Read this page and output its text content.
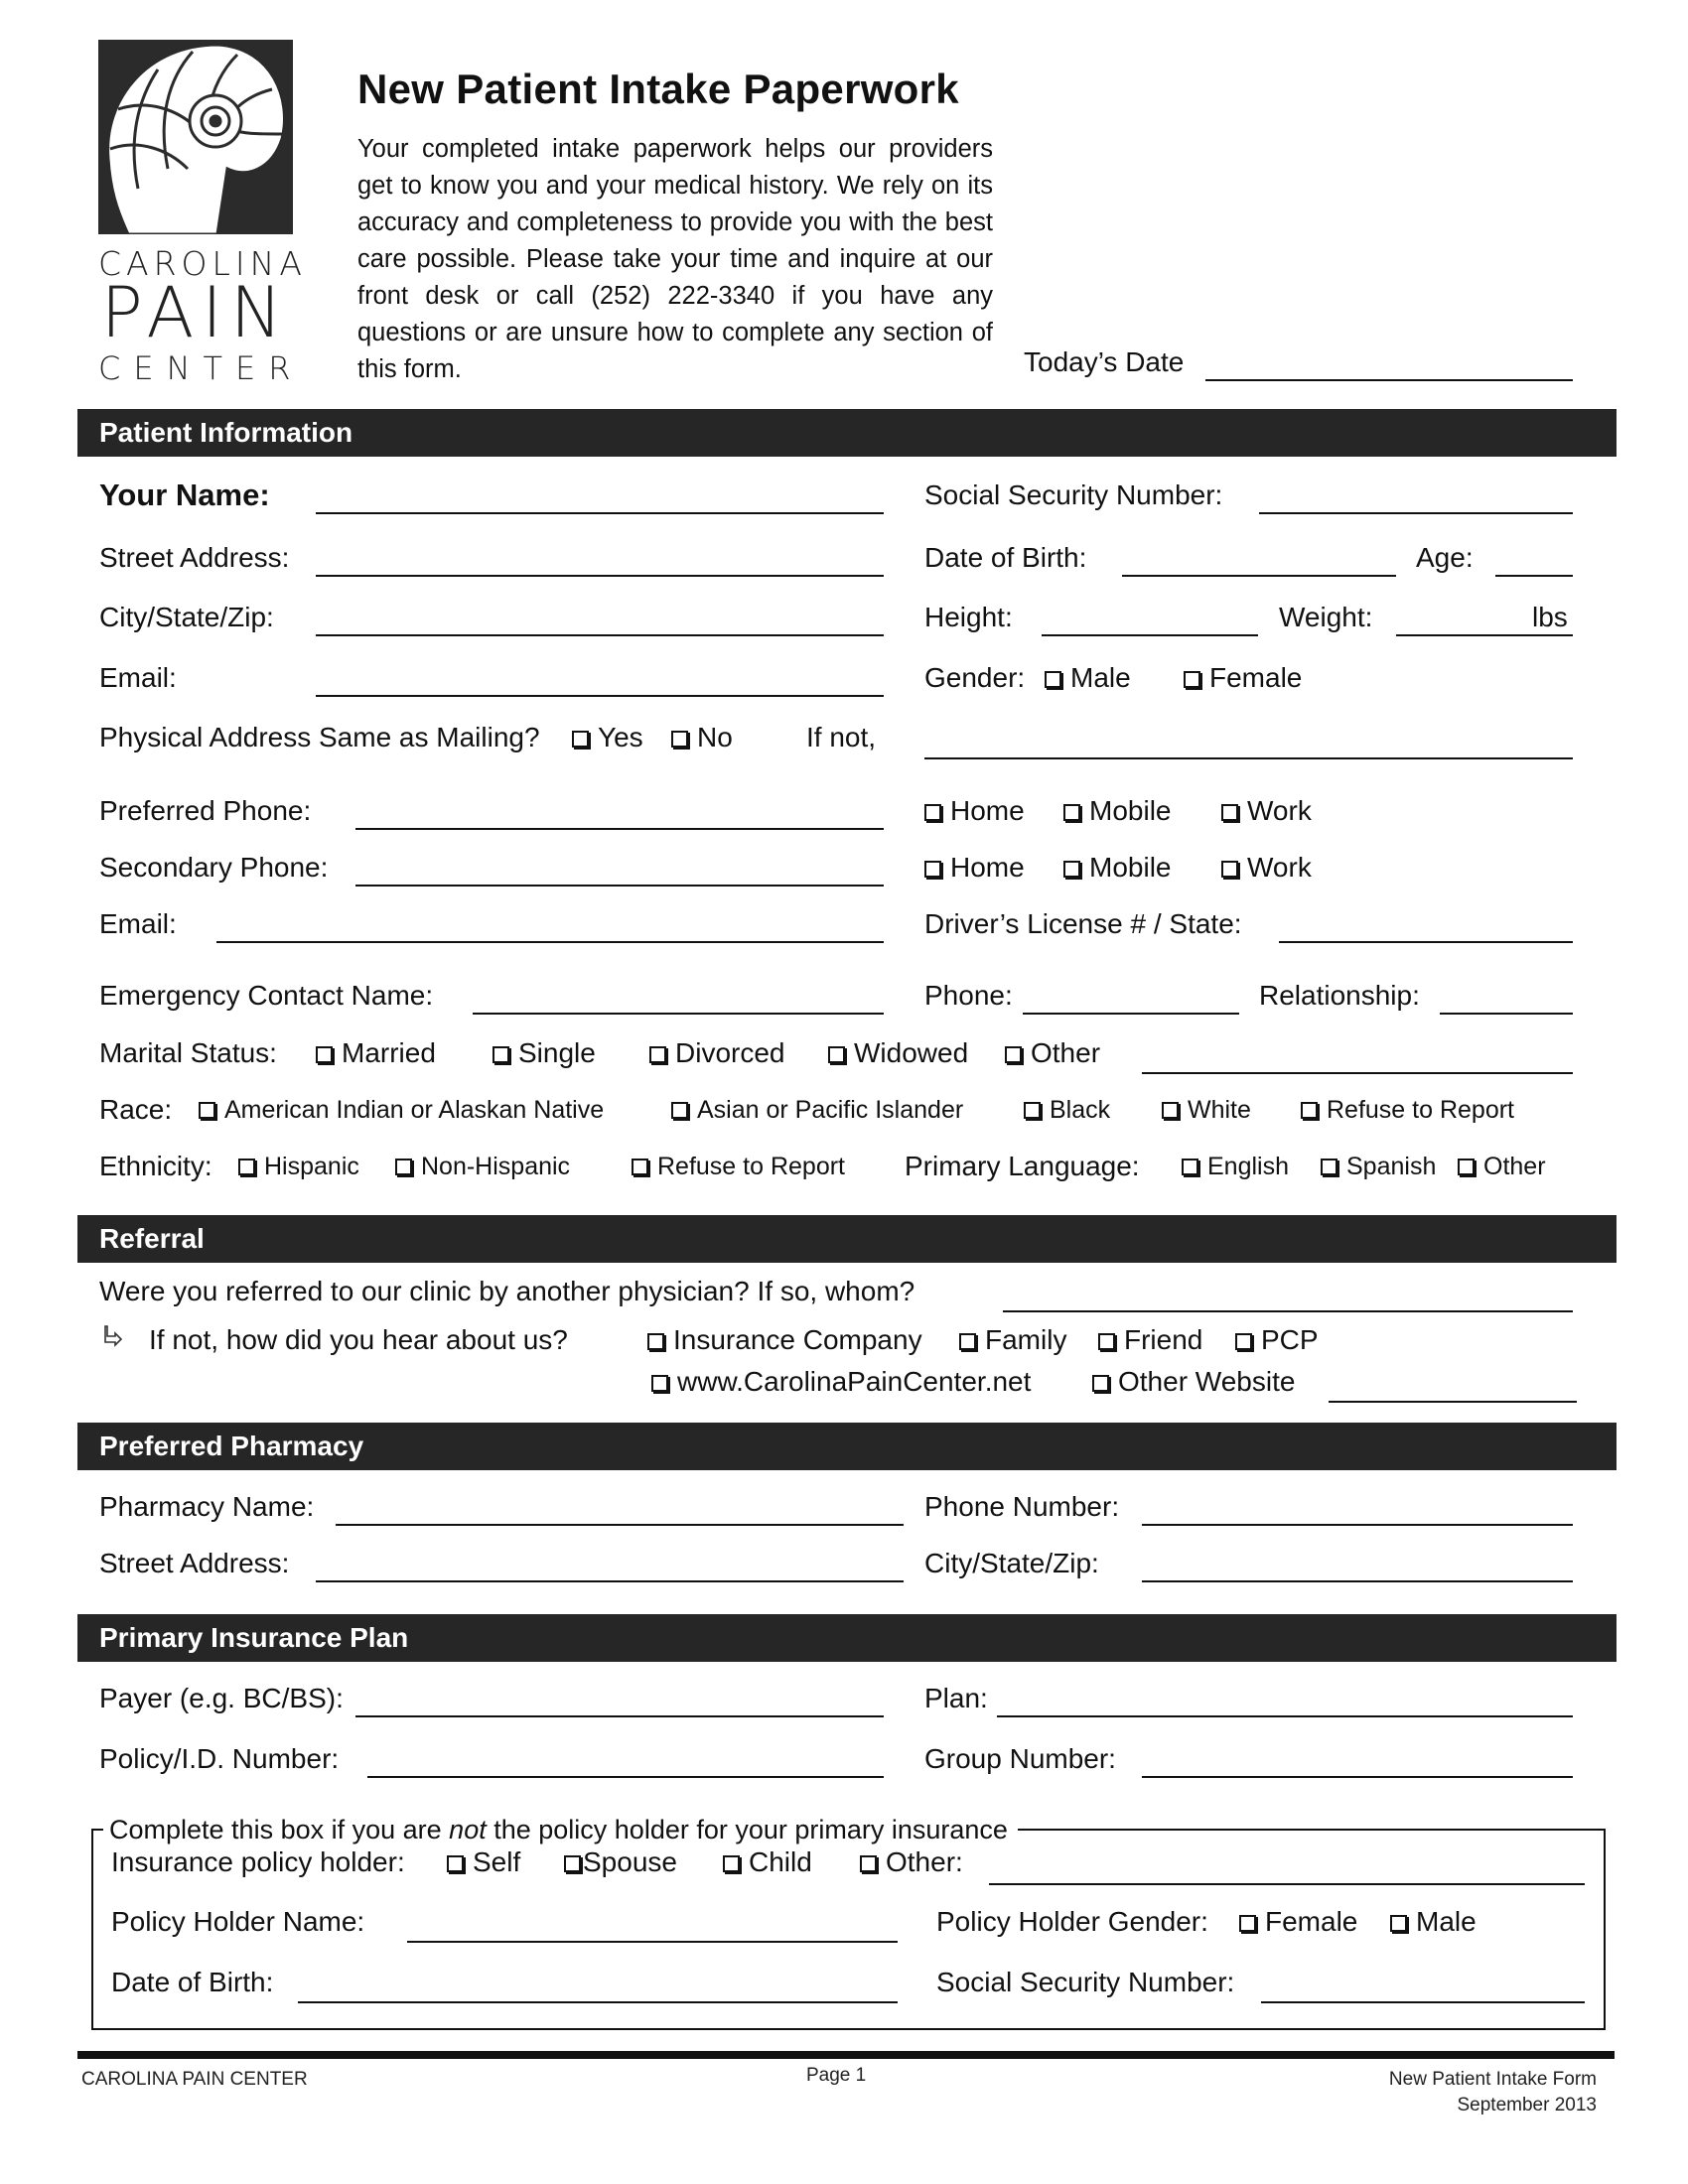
CAROLINA
PAIN
CENTER
New Patient Intake Paperwork
Your completed intake paperwork helps our providers get to know you and your medical history. We rely on its accuracy and completeness to provide you with the best care possible. Please take your time and inquire at our front desk or call (252) 222-3340 if you have any questions or are unsure how to complete any section of this form.	Today’s Date
Patient Information
Your Name:	Social Security Number:
Street Address:	Date of Birth:	Age:
City/State/Zip:	Height:	Weight:	lbs
Email:	Gender:	Male	Female
Physical Address Same as Mailing?	Yes	No	If not,
Preferred Phone:	Home	Mobile	Work
Secondary Phone:	Home	Mobile	Work
Email:	Driver’s License # / State:
Emergency Contact Name:	Phone:	Relationship:
Marital Status:	Married	Single	Divorced	Widowed	Other
Race:	American Indian or Alaskan Native	Asian or Pacific Islander	Black	White	Refuse to Report
Ethnicity:	Hispanic	Non-Hispanic	Refuse to Report Primary Language:	English	Spanish	Other
Referral
Were you referred to our clinic by another physician? If so, whom?
If not, how did you hear about us?	Insurance Company	Family	Friend	PCP
www.CarolinaPainCenter.net	Other Website
Preferred Pharmacy
Pharmacy Name:	Phone Number:
Street Address:	City/State/Zip:
Primary Insurance Plan
Payer (e.g. BC/BS):	Plan:
Policy/I.D. Number:	Group Number:
Complete this box if you are not the policy holder for your primary insurance
Insurance policy holder:	Self	Spouse	Child	Other:
Policy Holder Name:	Policy Holder Gender:	Female	Male
Date of Birth:	Social Security Number:
CAROLINA PAIN CENTER	Page 1	New Patient Intake Form
September 2013
